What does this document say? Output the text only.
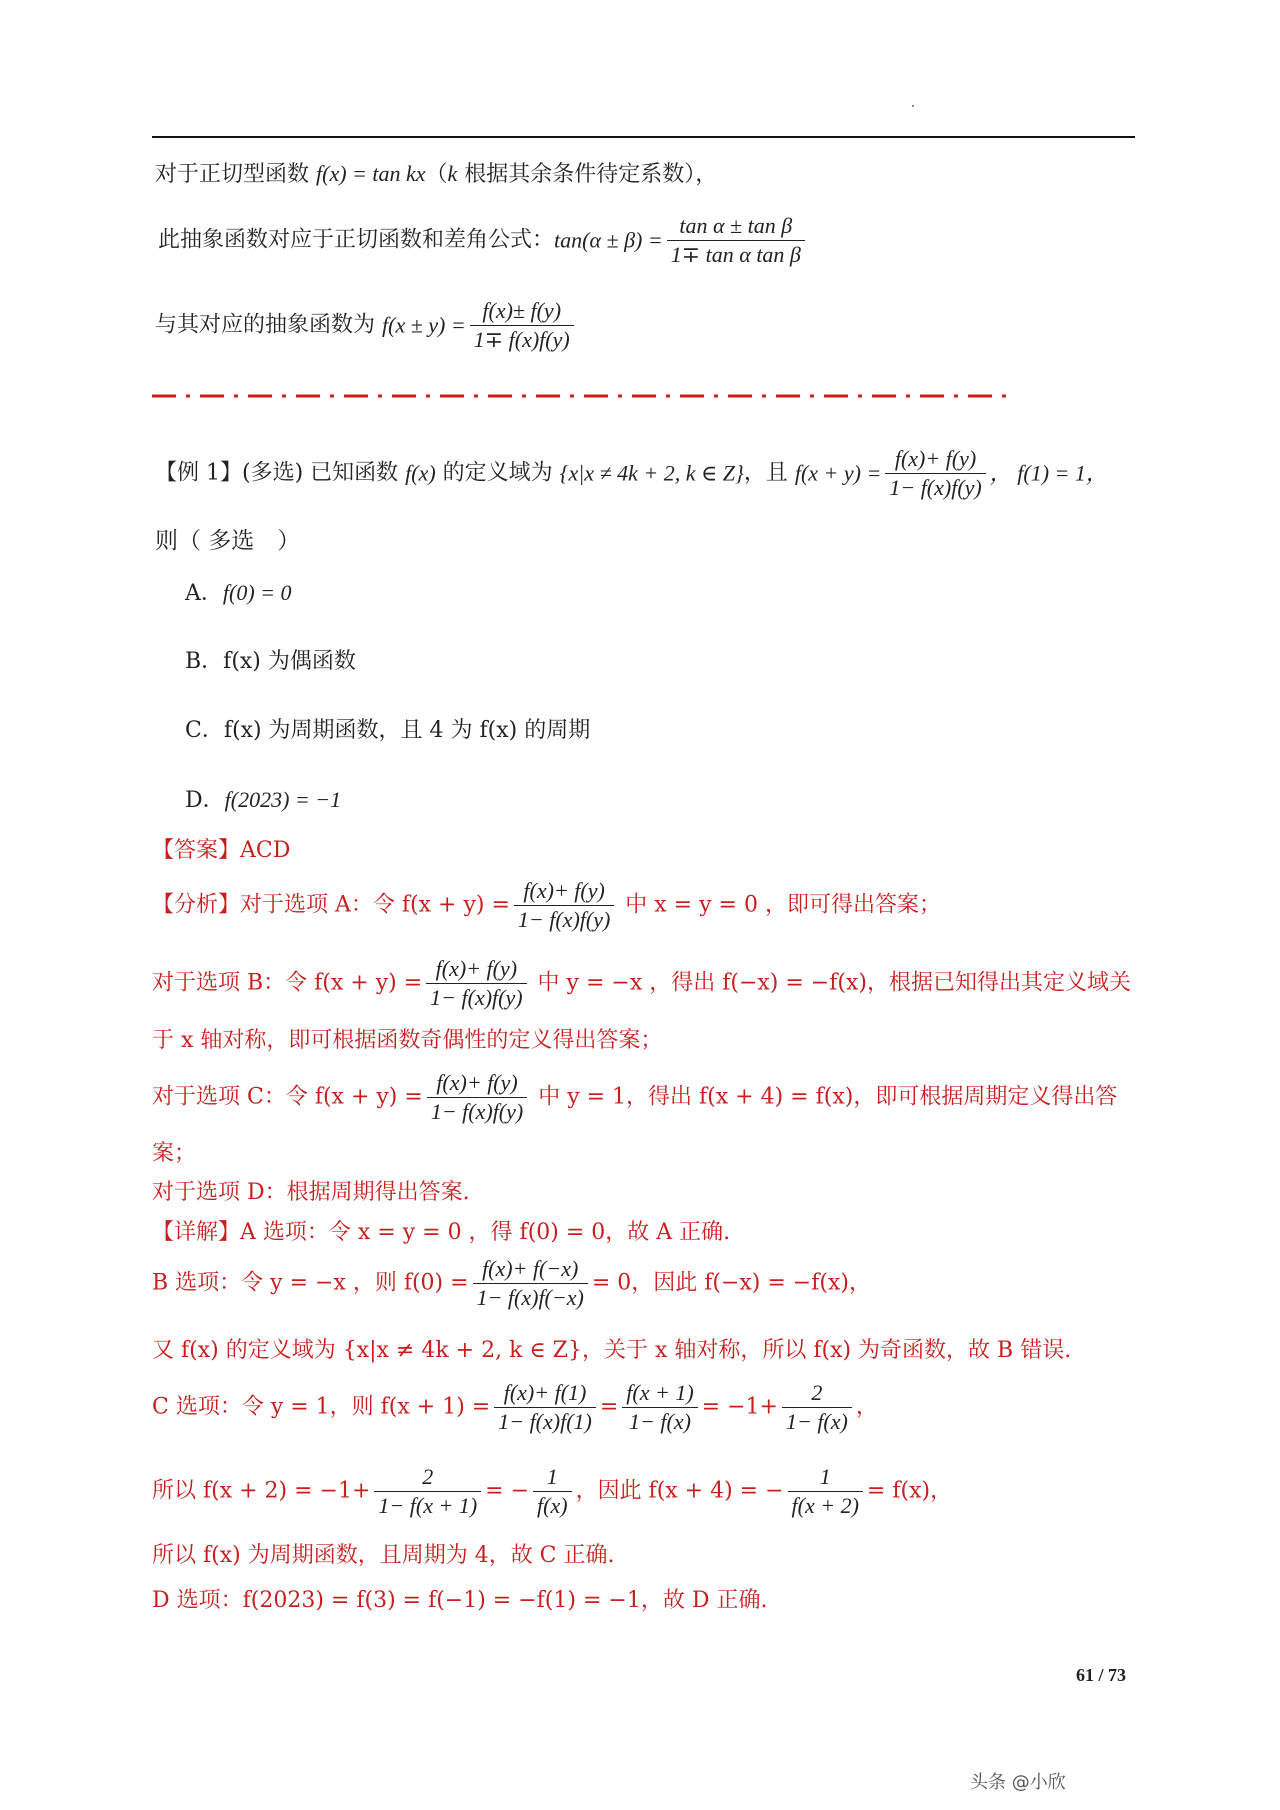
对于正切型函数 f(x) = tan kx（k 根据其余条件待定系数），
此抽象函数对应于正切函数和差角公式：$\tan(\alpha \pm \beta) = \frac{\text{tan α ± tan β}}{\text{1∓ tan α tan β}}$
与其对应的抽象函数为 $f(x \pm y) = \frac{f(x)\pm f(y)}{1\mp f(x)f(y)}$
【例 1】(多选) 已知函数 f(x) 的定义域为 {x|x ≠ 4k + 2, k ∈ Z}，且 $f(x + y) = \frac{f(x)+ f(y)}{1- f(x)f(y)}$ ， f(1) = 1，
则（ 多选　）
A．f(0) = 0
B．f(x) 为偶函数
C．f(x) 为周期函数，且 4 为 f(x) 的周期
D．f(2023) = −1
【答案】ACD
【分析】对于选项 A：令 $f(x + y) = \frac{f(x)+ f(y)}{1- f(x)f(y)}$ 中 x = y = 0 ，即可得出答案；
对于选项 B：令 $f(x + y) = \frac{f(x)+ f(y)}{1- f(x)f(y)}$ 中 y = −x ，得出 f(−x) = −f(x)，根据已知得出其定义域关
于 x 轴对称，即可根据函数奇偶性的定义得出答案；
对于选项 C：令 $f(x + y) = \frac{f(x)+ f(y)}{1- f(x)f(y)}$ 中 y = 1，得出 f(x + 4) = f(x)，即可根据周期定义得出答
案；
对于选项 D：根据周期得出答案.
【详解】A 选项：令 x = y = 0 ，得 f(0) = 0，故 A 正确.
B 选项：令 y = −x ，则 $f(0) = \frac{f(x)+ f(-x)}{1- f(x)f(-x)} = 0$，因此 f(−x) = −f(x)，
又 f(x) 的定义域为 {x|x ≠ 4k + 2, k ∈ Z}，关于 x 轴对称，所以 f(x) 为奇函数，故 B 错误.
C 选项：令 y = 1，则 $f(x + 1) = \frac{f(x)+ f(1)}{1- f(x)f(1)} = \frac{f(x + 1)}{1- f(x)} = -1+ \frac{2}{1- f(x)}$ ，
所以 $f(x + 2) = -1+ \frac{2}{1- f(x + 1)}$ = − $\frac{1}{f(x)}$ ，因此 f(x + 4) = − $\frac{1}{f(x + 2)} = f(x)$，
所以 f(x) 为周期函数，且周期为 4，故 C 正确.
D 选项：f(2023) = f(3) = f(−1) = −f(1) = −1，故 D 正确.
61 / 73
头条 @小欣
